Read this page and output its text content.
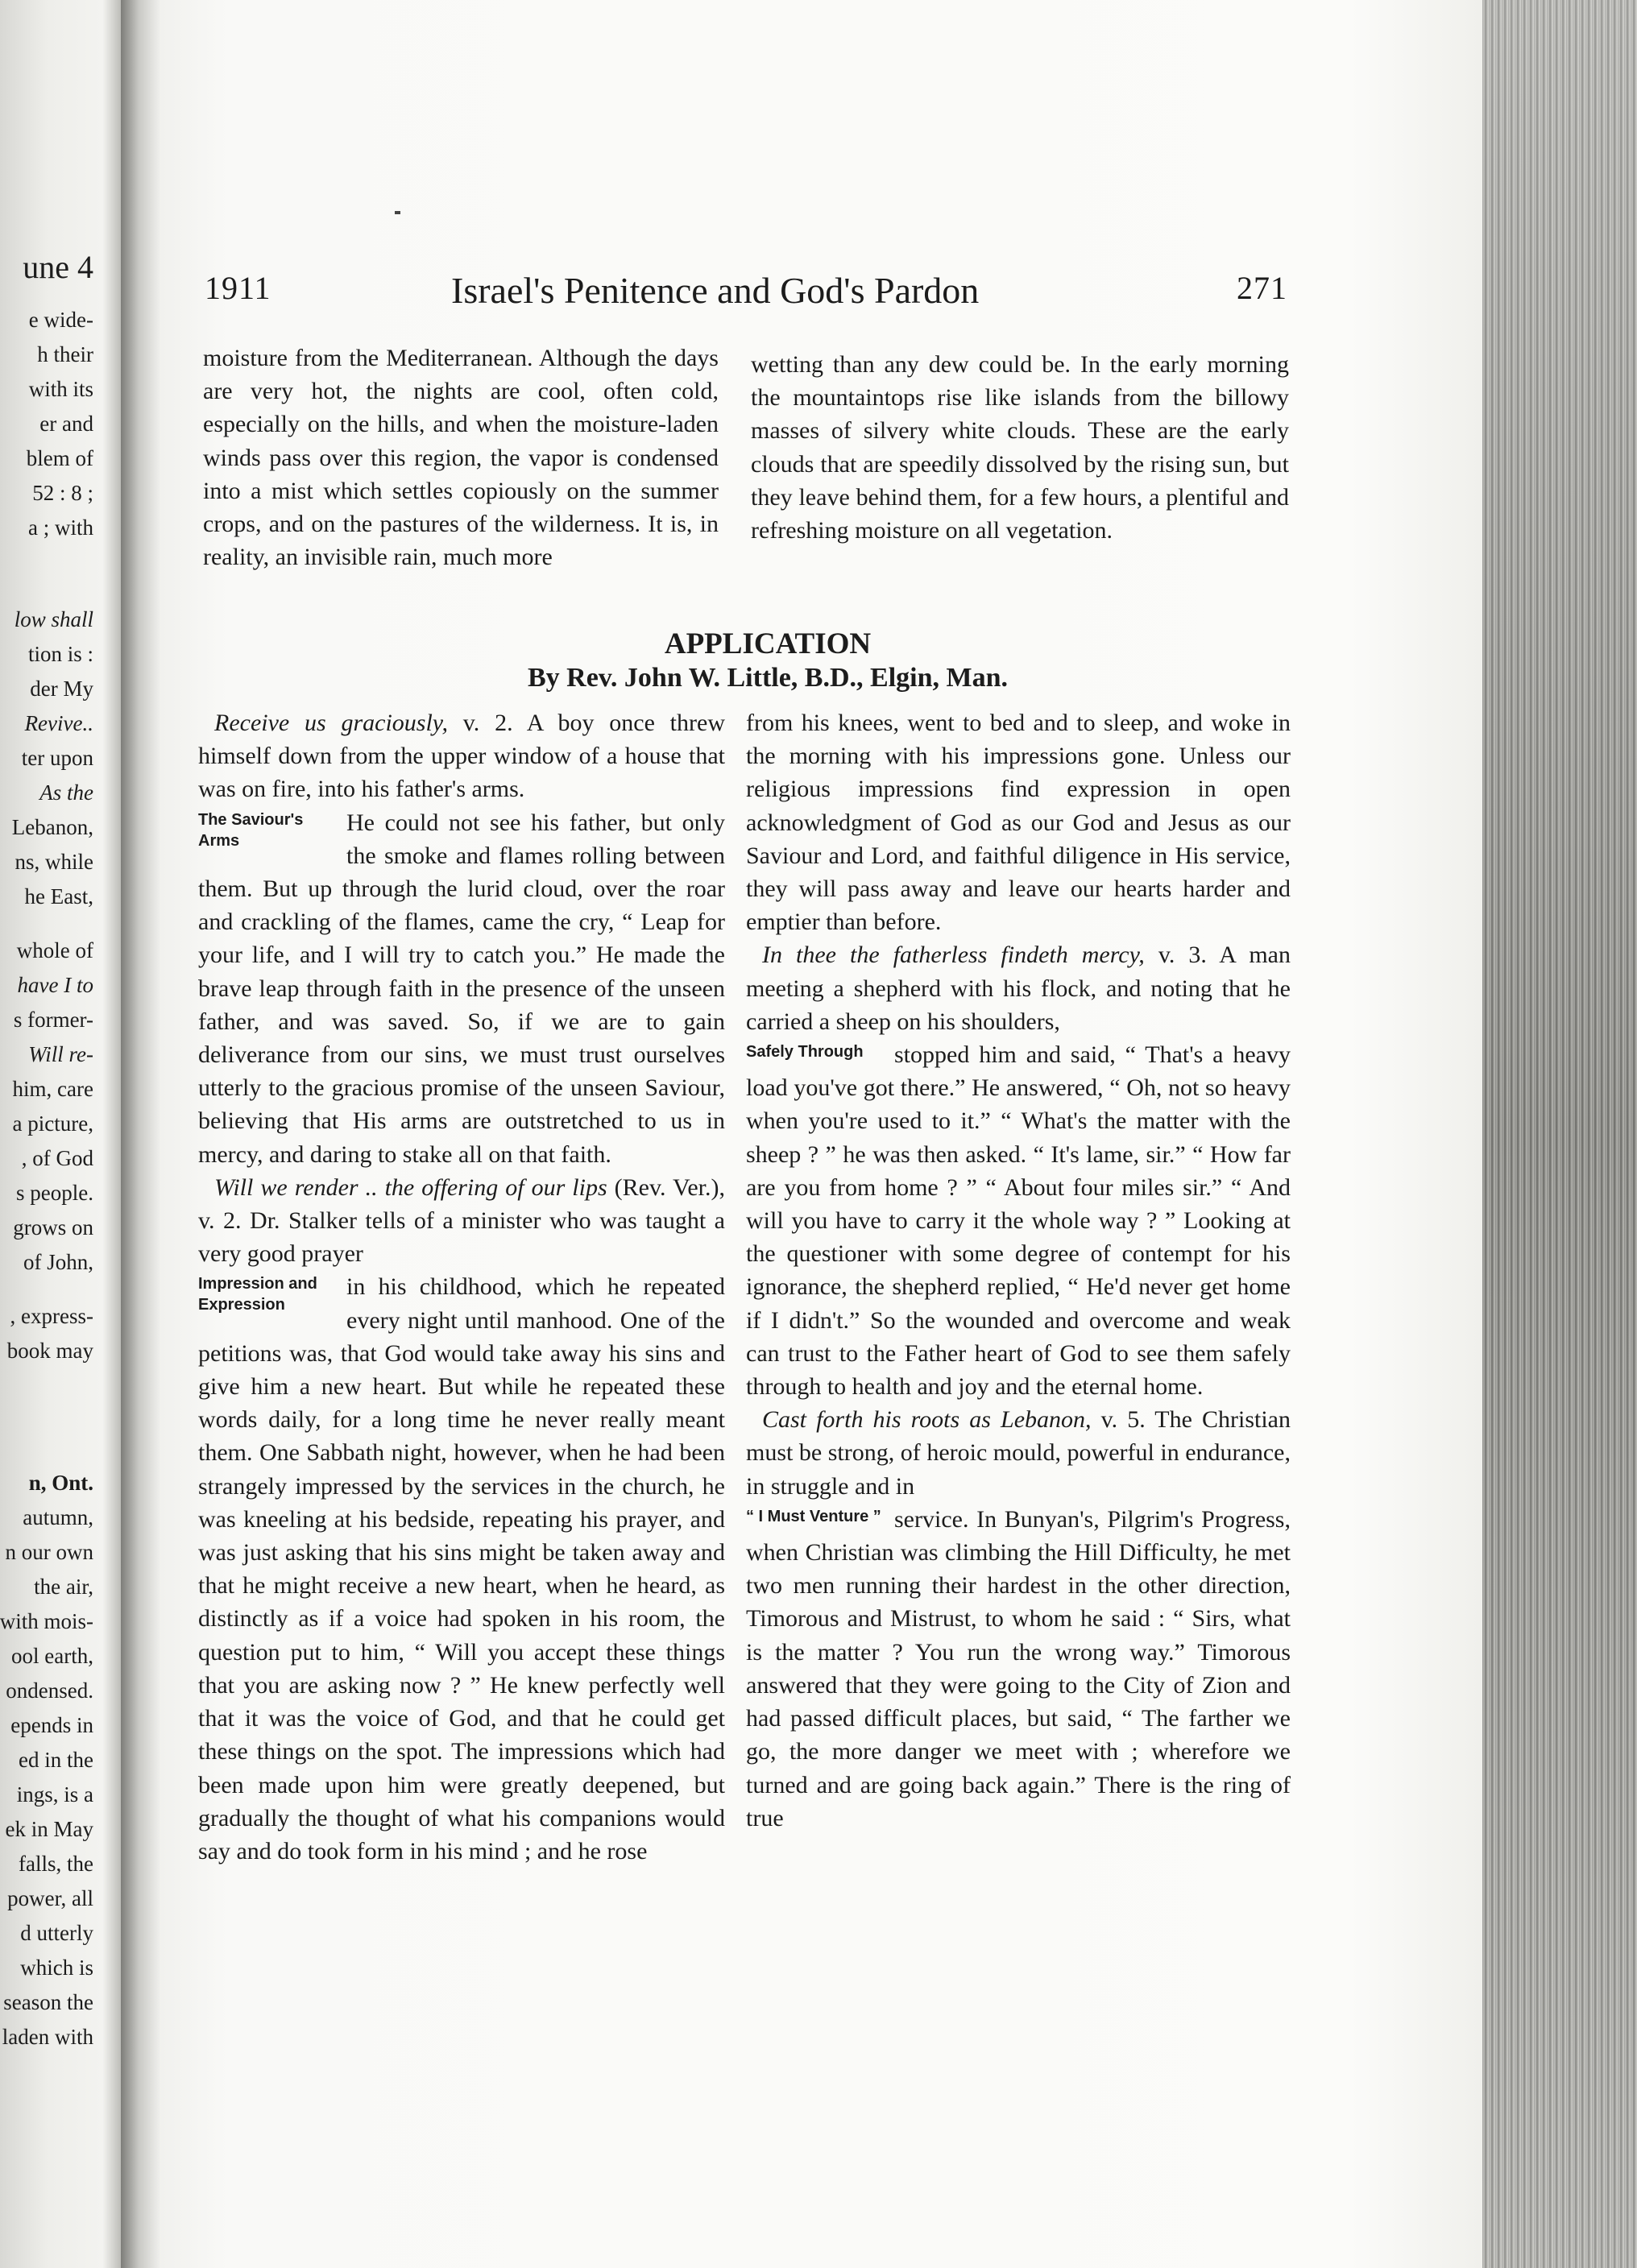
une 4
e wide-
h their
with its
er and
blem of
52 : 8 ;
a ; with
low shall
tion is :
der My
Revive..
ter upon
As the
Lebanon,
ns, while
he East,
whole of
have I to
s former-
Will re-
him, care
a picture,
, of God
s people.
grows on
of John,
, express-
book may
n, Ont.
autumn,
n our own
the air,
with mois-
ool earth,
ondensed.
epends in
ed in the
ings, is a
ek in May
falls, the
power, all
d utterly
which is
season the
laden with
1911	Israel's Penitence and God's Pardon	271

moisture from the Mediterranean. Although the days are very hot, the nights are cool, often cold, especially on the hills, and when the moisture-laden winds pass over this region, the vapor is condensed into a mist which settles copiously on the summer crops, and on the pastures of the wilderness. It is, in reality, an invisible rain, much more

wetting than any dew could be. In the early morning the mountaintops rise like islands from the billowy masses of silvery white clouds. These are the early clouds that are speedily dissolved by the rising sun, but they leave behind them, for a few hours, a plentiful and refreshing moisture on all vegetation.

APPLICATION
By Rev. John W. Little, B.D., Elgin, Man.

Receive us graciously, v. 2. A boy once threw himself down from the upper window of a house that was on fire, into his father's arms.

The Saviour's Arms
He could not see his father, but only the smoke and flames rolling between them. But up through the lurid cloud, over the roar and crackling of the flames, came the cry, “ Leap for your life, and I will try to catch you.” He made the brave leap through faith in the presence of the unseen father, and was saved. So, if we are to gain deliverance from our sins, we must trust ourselves utterly to the gracious promise of the unseen Saviour, believing that His arms are outstretched to us in mercy, and daring to stake all on that faith.

Will we render .. the offering of our lips (Rev. Ver.), v. 2. Dr. Stalker tells of a minister who was taught a very good prayer

Impression and Expression
in his childhood, which he repeated every night until manhood. One of the petitions was, that God would take away his sins and give him a new heart. But while he repeated these words daily, for a long time he never really meant them. One Sabbath night, however, when he had been strangely impressed by the services in the church, he was kneeling at his bedside, repeating his prayer, and was just asking that his sins might be taken away and that he might receive a new heart, when he heard, as distinctly as if a voice had spoken in his room, the question put to him, “ Will you accept these things that you are asking now ? ” He knew perfectly well that it was the voice of God, and that he could get these things on the spot. The impressions which had been made upon him were greatly deepened, but gradually the thought of what his companions would say and do took form in his mind ; and he rose

from his knees, went to bed and to sleep, and woke in the morning with his impressions gone. Unless our religious impressions find expression in open acknowledgment of God as our God and Jesus as our Saviour and Lord, and faithful diligence in His service, they will pass away and leave our hearts harder and emptier than before.

In thee the fatherless findeth mercy, v. 3. A man meeting a shepherd with his flock, and noting that he carried a sheep on his shoulders,

Safely Through	stopped him and said, “ That's a heavy load you've got there.” He answered, “ Oh, not so heavy when you're used to it.” “ What's the matter with the sheep ? ” he was then asked. “ It's lame, sir.” “ How far are you from home ? ” “ About four miles sir.” “ And will you have to carry it the whole way ? ” Looking at the questioner with some degree of contempt for his ignorance, the shepherd replied, “ He'd never get home if I didn't.” So the wounded and overcome and weak can trust to the Father heart of God to see them safely through to health and joy and the eternal home.

Cast forth his roots as Lebanon, v. 5. The Christian must be strong, of heroic mould, powerful in endurance, in struggle and in

“ I Must Venture ” service. In Bunyan's, Pilgrim's Progress, when Christian was climbing the Hill Difficulty, he met two men running their hardest in the other direction, Timorous and Mistrust, to whom he said : “ Sirs, what is the matter ? You run the wrong way.” Timorous answered that they were going to the City of Zion and had passed difficult places, but said, “ The farther we go, the more danger we meet with ; wherefore we turned and are going back again.” There is the ring of true
